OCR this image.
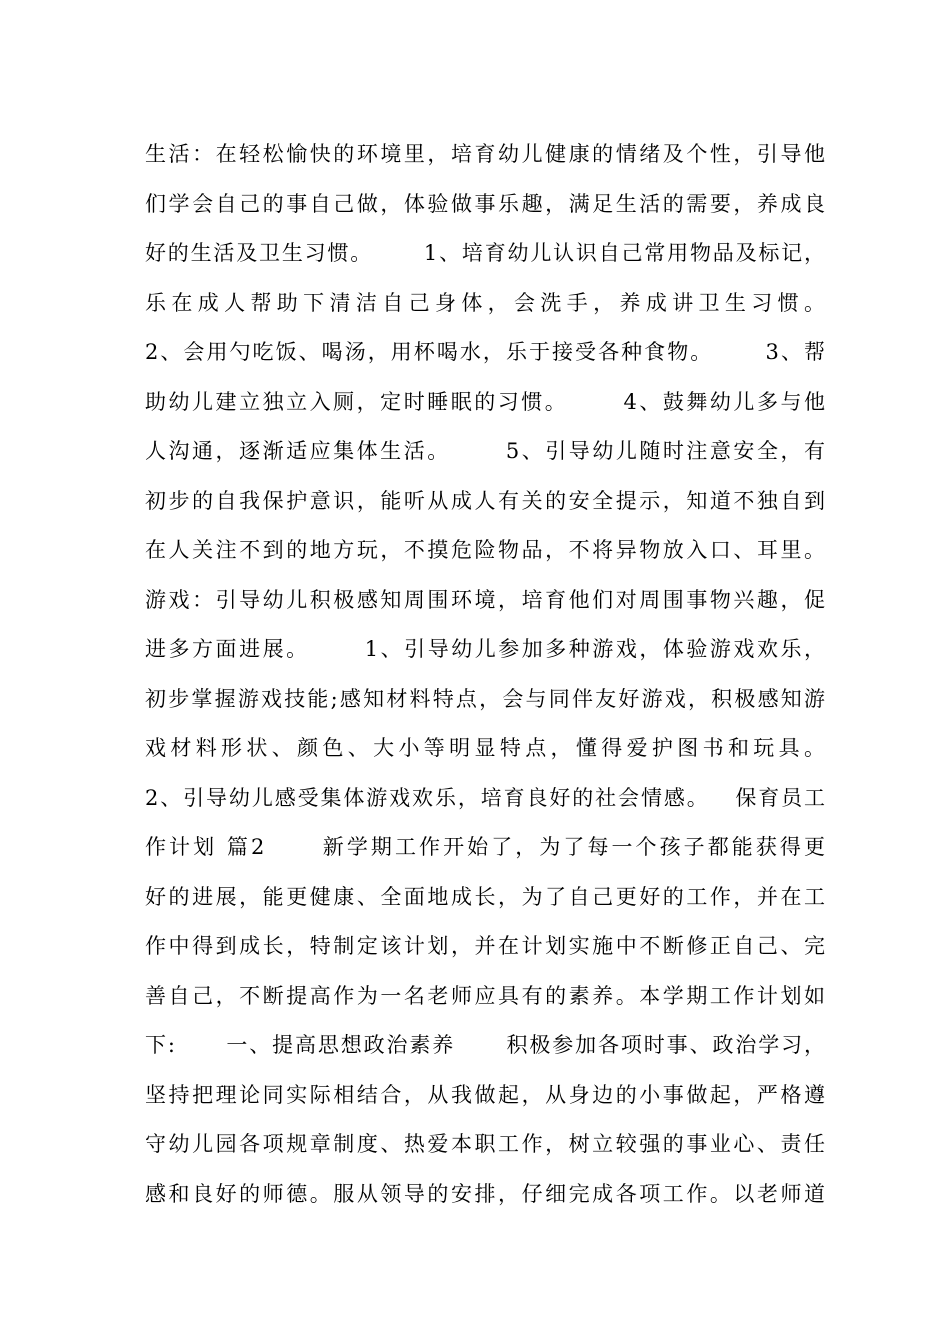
生活：在轻松愉快的环境里，培育幼儿健康的情绪及个性，引导他
们学会自己的事自己做，体验做事乐趣，满足生活的需要，养成良
好的生活及卫生习惯。      1、培育幼儿认识自己常用物品及标记，
乐在成人帮助下清洁自己身体，会洗手，养成讲卫生习惯。
2、会用勺吃饭、喝汤，用杯喝水，乐于接受各种食物。      3、帮
助幼儿建立独立入厕，定时睡眠的习惯。      4、鼓舞幼儿多与他
人沟通，逐渐适应集体生活。      5、引导幼儿随时注意安全，有
初步的自我保护意识，能听从成人有关的安全提示，知道不独自到
在人关注不到的地方玩，不摸危险物品，不将异物放入口、耳里。
游戏：引导幼儿积极感知周围环境，培育他们对周围事物兴趣，促
进多方面进展。      1、引导幼儿参加多种游戏，体验游戏欢乐，
初步掌握游戏技能;感知材料特点，会与同伴友好游戏，积极感知游
戏材料形状、颜色、大小等明显特点，懂得爱护图书和玩具。
2、引导幼儿感受集体游戏欢乐，培育良好的社会情感。   保育员工
作计划 篇2      新学期工作开始了，为了每一个孩子都能获得更
好的进展，能更健康、全面地成长，为了自己更好的工作，并在工
作中得到成长，特制定该计划，并在计划实施中不断修正自己、完
善自己，不断提高作为一名老师应具有的素养。本学期工作计划如
下:      一、提高思想政治素养      积极参加各项时事、政治学习，
坚持把理论同实际相结合，从我做起，从身边的小事做起，严格遵
守幼儿园各项规章制度、热爱本职工作，树立较强的事业心、责任
感和良好的师德。服从领导的安排，仔细完成各项工作。以老师道
